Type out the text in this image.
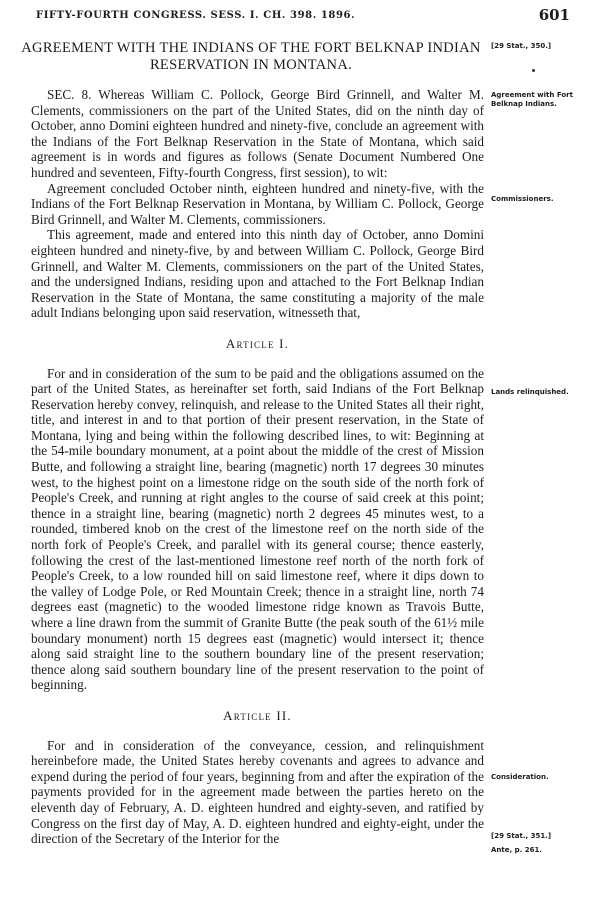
FIFTY-FOURTH CONGRESS. SESS. I. CH. 398. 1896.	601
AGREEMENT WITH THE INDIANS OF THE FORT BELKNAP INDIAN RESERVATION IN MONTANA.

SEC. 8. Whereas William C. Pollock, George Bird Grinnell, and Walter M. Clements, commissioners on the part of the United States, did on the ninth day of October, anno Domini eighteen hundred and ninety-five, conclude an agreement with the Indians of the Fort Belknap Reservation in the State of Montana, which said agreement is in words and figures as follows (Senate Document Numbered One hundred and seventeen, Fifty-fourth Congress, first session), to wit:

Agreement concluded October ninth, eighteen hundred and ninety-five, with the Indians of the Fort Belknap Reservation in Montana, by William C. Pollock, George Bird Grinnell, and Walter M. Clements, commissioners.

This agreement, made and entered into this ninth day of October, anno Domini eighteen hundred and ninety-five, by and between William C. Pollock, George Bird Grinnell, and Walter M. Clements, commissioners on the part of the United States, and the undersigned Indians, residing upon and attached to the Fort Belknap Indian Reservation in the State of Montana, the same constituting a majority of the male adult Indians belonging upon said reservation, witnesseth that,

Article I.

For and in consideration of the sum to be paid and the obligations assumed on the part of the United States, as hereinafter set forth, said Indians of the Fort Belknap Reservation hereby convey, relinquish, and release to the United States all their right, title, and interest in and to that portion of their present reservation, in the State of Montana, lying and being within the following described lines, to wit: Beginning at the 54-mile boundary monument, at a point about the middle of the crest of Mission Butte, and following a straight line, bearing (magnetic) north 17 degrees 30 minutes west, to the highest point on a limestone ridge on the south side of the north fork of People's Creek, and running at right angles to the course of said creek at this point; thence in a straight line, bearing (magnetic) north 2 degrees 45 minutes west, to a rounded, timbered knob on the crest of the limestone reef on the north side of the north fork of People's Creek, and parallel with its general course; thence easterly, following the crest of the last-mentioned limestone reef north of the north fork of People's Creek, to a low rounded hill on said limestone reef, where it dips down to the valley of Lodge Pole, or Red Mountain Creek; thence in a straight line, north 74 degrees east (magnetic) to the wooded limestone ridge known as Travois Butte, where a line drawn from the summit of Granite Butte (the peak south of the 61½ mile boundary monument) north 15 degrees east (magnetic) would intersect it; thence along said straight line to the southern boundary line of the present reservation; thence along said southern boundary line of the present reservation to the point of beginning.

Article II.

For and in consideration of the conveyance, cession, and relinquishment hereinbefore made, the United States hereby covenants and agrees to advance and expend during the period of four years, beginning from and after the expiration of the payments provided for in the agreement made between the parties hereto on the eleventh day of February, A. D. eighteen hundred and eighty-seven, and ratified by Congress on the first day of May, A. D. eighteen hundred and eighty-eight, under the direction of the Secretary of the Interior for the

[29 Stat., 350.]
Agreement with Fort Belknap Indians.
Commissioners.
Lands relinquished.
Consideration.
[29 Stat., 351.]
Ante, p. 261.
